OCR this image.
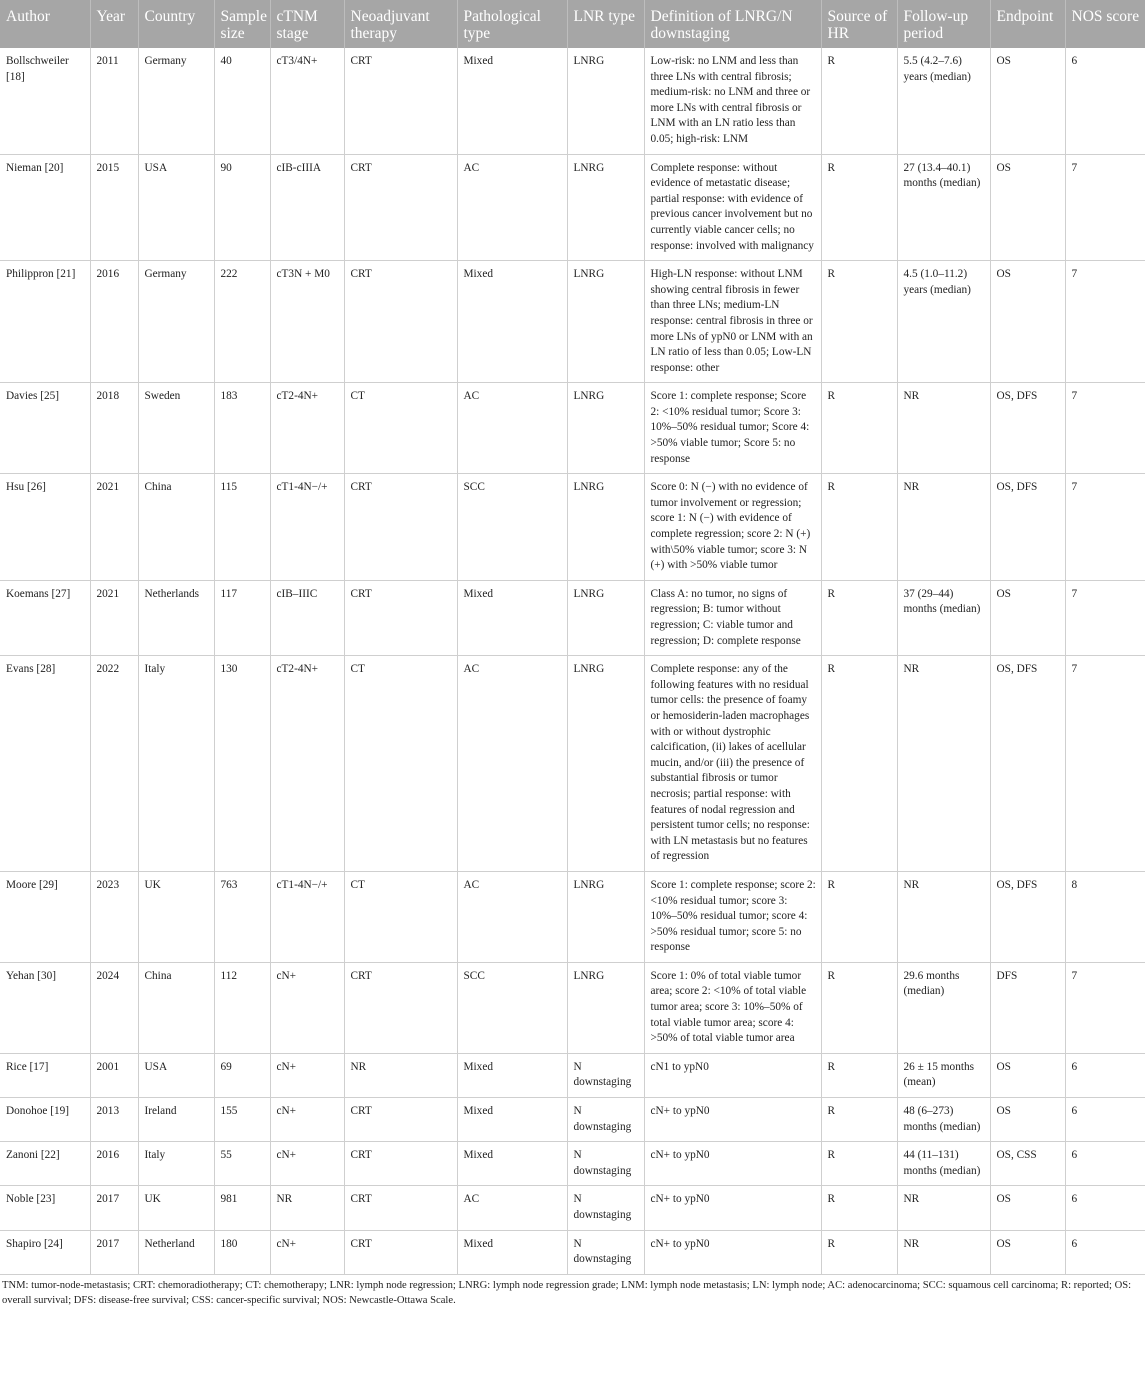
Author	Year	Country	Sample size	cTNM stage	Neoadjuvant therapy	Pathological type	LNR type	Definition of LNRG/N downstaging	Source of HR	Follow-up period	Endpoint	NOS score
Bollschweiler [18]	2011	Germany	40	cT3/4N+	CRT	Mixed	LNRG	Low-risk: no LNM and less than three LNs with central fibrosis; medium-risk: no LNM and three or more LNs with central fibrosis or LNM with an LN ratio less than 0.05; high-risk: LNM	R	5.5 (4.2–7.6) years (median)	OS	6
Nieman [20]	2015	USA	90	cIB-cIIIA	CRT	AC	LNRG	Complete response: without evidence of metastatic disease; partial response: with evidence of previous cancer involvement but no currently viable cancer cells; no response: involved with malignancy	R	27 (13.4–40.1) months (median)	OS	7
Philippron [21]	2016	Germany	222	cT3N + M0	CRT	Mixed	LNRG	High-LN response: without LNM showing central fibrosis in fewer than three LNs; medium-LN response: central fibrosis in three or more LNs of ypN0 or LNM with an LN ratio of less than 0.05; Low-LN response: other	R	4.5 (1.0–11.2) years (median)	OS	7
Davies [25]	2018	Sweden	183	cT2-4N+	CT	AC	LNRG	Score 1: complete response; Score 2: <10% residual tumor; Score 3: 10%–50% residual tumor; Score 4: >50% viable tumor; Score 5: no response	R	NR	OS, DFS	7
Hsu [26]	2021	China	115	cT1-4N−/+	CRT	SCC	LNRG	Score 0: N (−) with no evidence of tumor involvement or regression; score 1: N (−) with evidence of complete regression; score 2: N (+) with\50% viable tumor; score 3: N (+) with >50% viable tumor	R	NR	OS, DFS	7
Koemans [27]	2021	Netherlands	117	cIB–IIIC	CRT	Mixed	LNRG	Class A: no tumor, no signs of regression; B: tumor without regression; C: viable tumor and regression; D: complete response	R	37 (29–44) months (median)	OS	7
Evans [28]	2022	Italy	130	cT2-4N+	CT	AC	LNRG	Complete response: any of the following features with no residual tumor cells: the presence of foamy or hemosiderin-laden macrophages with or without dystrophic calcification, (ii) lakes of acellular mucin, and/or (iii) the presence of substantial fibrosis or tumor necrosis; partial response: with features of nodal regression and persistent tumor cells; no response: with LN metastasis but no features of regression	R	NR	OS, DFS	7
Moore [29]	2023	UK	763	cT1-4N−/+	CT	AC	LNRG	Score 1: complete response; score 2: <10% residual tumor; score 3: 10%–50% residual tumor; score 4: >50% residual tumor; score 5: no response	R	NR	OS, DFS	8
Yehan [30]	2024	China	112	cN+	CRT	SCC	LNRG	Score 1: 0% of total viable tumor area; score 2: <10% of total viable tumor area; score 3: 10%–50% of total viable tumor area; score 4: >50% of total viable tumor area	R	29.6 months (median)	DFS	7
Rice [17]	2001	USA	69	cN+	NR	Mixed	N downstaging	cN1 to ypN0	R	26 ± 15 months (mean)	OS	6
Donohoe [19]	2013	Ireland	155	cN+	CRT	Mixed	N downstaging	cN+ to ypN0	R	48 (6–273) months (median)	OS	6
Zanoni [22]	2016	Italy	55	cN+	CRT	Mixed	N downstaging	cN+ to ypN0	R	44 (11–131) months (median)	OS, CSS	6
Noble [23]	2017	UK	981	NR	CRT	AC	N downstaging	cN+ to ypN0	R	NR	OS	6
Shapiro [24]	2017	Netherland	180	cN+	CRT	Mixed	N downstaging	cN+ to ypN0	R	NR	OS	6
TNM: tumor-node-metastasis; CRT: chemoradiotherapy; CT: chemotherapy; LNR: lymph node regression; LNRG: lymph node regression grade; LNM: lymph node metastasis; LN: lymph node; AC: adenocarcinoma; SCC: squamous cell carcinoma; R: reported; OS: overall survival; DFS: disease-free survival; CSS: cancer-specific survival; NOS: Newcastle-Ottawa Scale.
